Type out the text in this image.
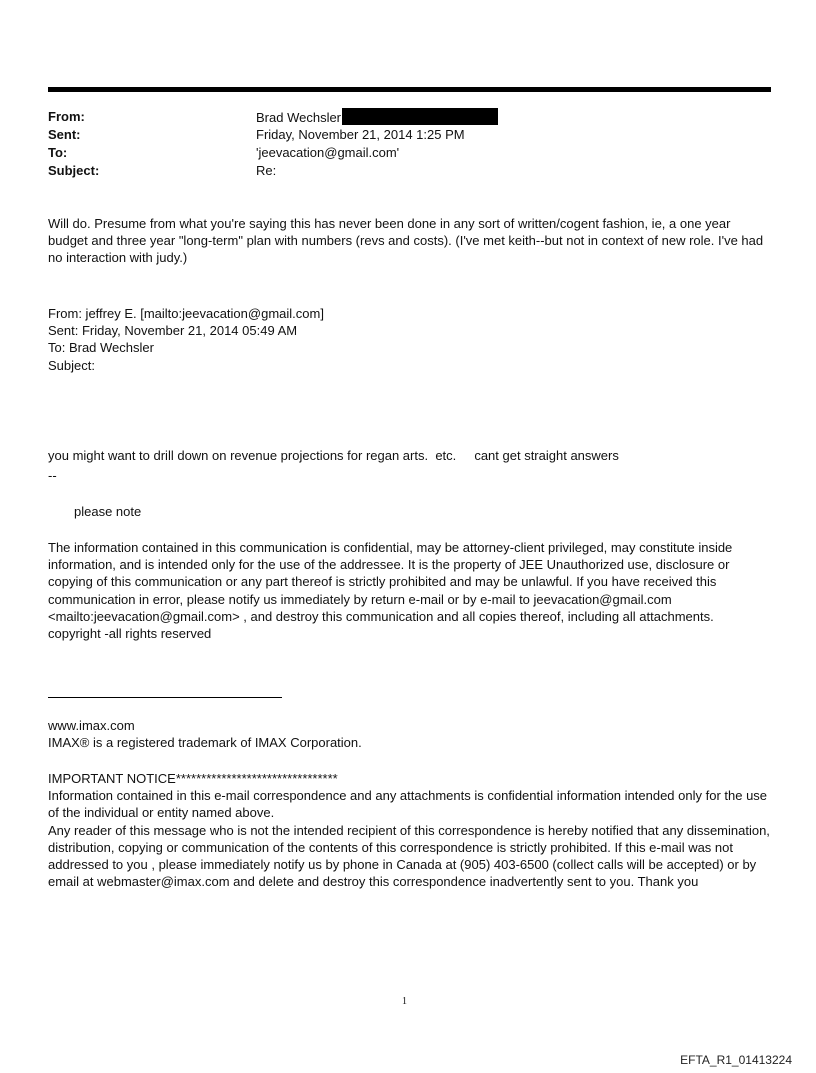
From:	Brad Wechsler
Sent:	Friday, November 21, 2014 1:25 PM
To:	'jeevacation@gmail.com'
Subject:	Re:

Will do. Presume from what you're saying this has never been done in any sort of written/cogent fashion, ie, a one year budget and three year "long-term" plan with numbers (revs and costs). (I've met keith--but not in context of new role. I've had no interaction with judy.)

From: jeffrey E. [mailto:jeevacation@gmail.com]

Sent: Friday, November 21, 2014 05:49 AM

To: Brad Wechsler

Subject:

you might want to drill down on revenue projections for regan arts.  etc.     cant get straight answers

--

please note

The information contained in this communication is confidential, may be attorney-client privileged, may constitute inside information, and is intended only for the use of the addressee. It is the property of JEE Unauthorized use, disclosure or copying of this communication or any part thereof is strictly prohibited and may be unlawful. If you have received this communication in error, please notify us immediately by return e-mail or by e-mail to jeevacation@gmail.com <mailto:jeevacation@gmail.com> , and destroy this communication and all copies thereof, including all attachments. copyright -all rights reserved

www.imax.com

IMAX® is a registered trademark of IMAX Corporation.

IMPORTANT NOTICE********************************

Information contained in this e-mail correspondence and any attachments is confidential information intended only for the use of the individual or entity named above.

Any reader of this message who is not the intended recipient of this correspondence is hereby notified that any dissemination, distribution, copying or communication of the contents of this correspondence is strictly prohibited. If this e-mail was not addressed to you , please immediately notify us by phone in Canada at (905) 403-6500 (collect calls will be accepted) or by email at webmaster@imax.com and delete and destroy this correspondence inadvertently sent to you. Thank you

1
EFTA_R1_01413224
